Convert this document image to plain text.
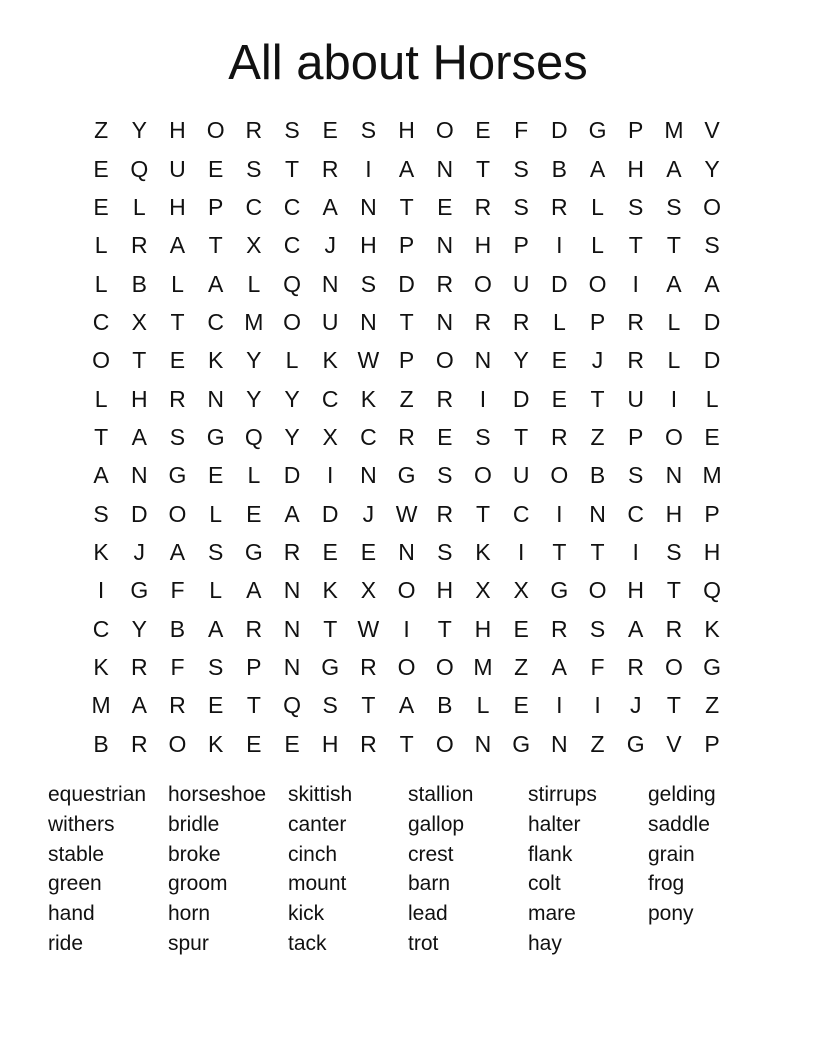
All about Horses
Z	Y H O R S E S H O E	F D G P M V
E Q U E S	T R	I	A N T	S B A H A Y
E	L	H P C C A N T	E R S R	L	S S O
L	R A	T	X C	J	H P N H P	I	L	T	T	S
L	B	L	A	L Q N S D R O U D O	I	A A
C X	T C M O U N T N R R	L	P R	L	D
O T	E K Y	L	K W P O N Y E	J	R	L	D
L	H R N Y Y C K	Z R	I	D E	T U	I	L
T	A S G Q Y X C R E S	T R Z	P O E
A N G E	L	D	I	N G S O U O B S N M
S D O L	E A D	J W R T C	I	N C H P
K	J	A S G R E E N S K	I	T	T	I	S H
I	G F	L	A N K X O H X X G O H T Q
C Y B A R N T W	I	T H E R S A R K
K R F	S P N G R O O M Z	A	F R O G
M A R E	T Q S	T	A B	L	E	I	I	J	T	Z
B R O K E E H R T O N G N Z G V P
equestrian	horseshoe	skittish	stallion	stirrups	gelding
withers	bridle	canter	gallop	halter	saddle
stable	broke	cinch	crest	flank	grain
green	groom	mount	barn	colt	frog
hand	horn	kick	lead	mare	pony
ride	spur	tack	trot	hay
